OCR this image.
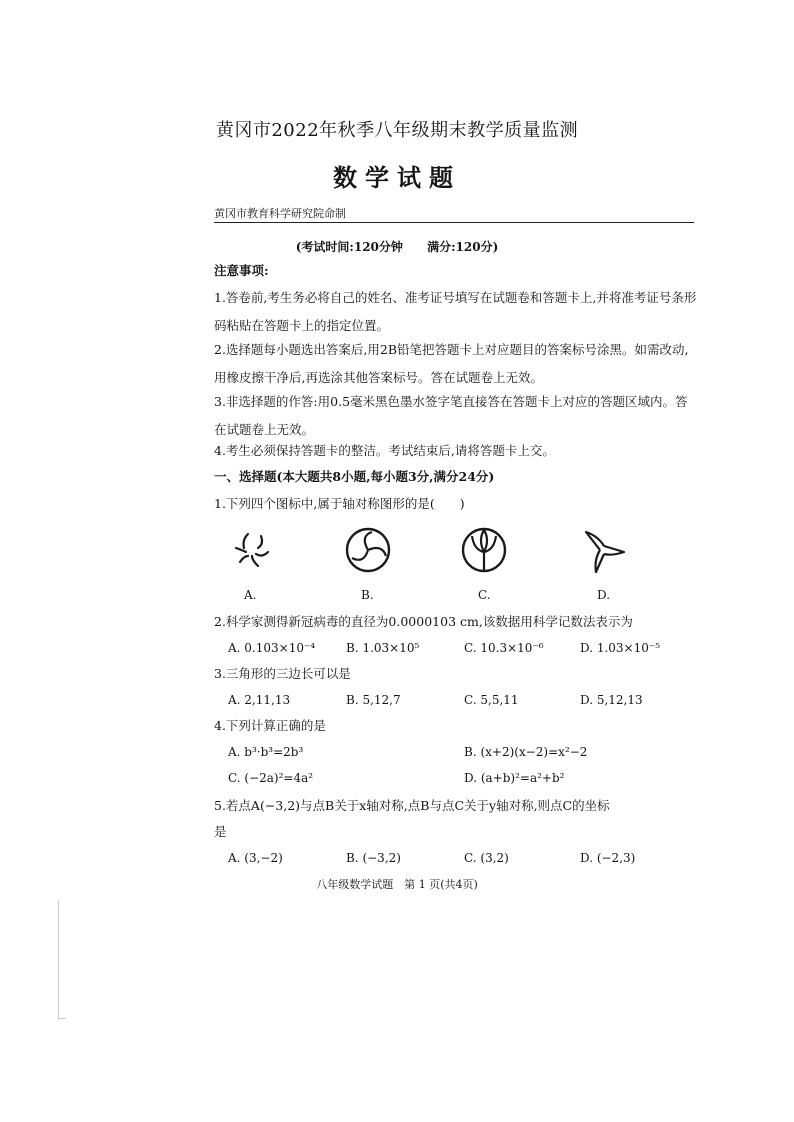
黄冈市2022年秋季八年级期末教学质量监测
数学试题
黄冈市教育科学研究院命制
(考试时间:120分钟 满分:120分)
注意事项:
1.答卷前,考生务必将自己的姓名、准考证号填写在试题卷和答题卡上,并将准考证号条形码粘贴在答题卡上的指定位置。
2.选择题每小题选出答案后,用2B铅笔把答题卡上对应题目的答案标号涂黑。如需改动,用橡皮擦干净后,再选涂其他答案标号。答在试题卷上无效。
3.非选择题的作答:用0.5毫米黑色墨水签字笔直接答在答题卡上对应的答题区域内。答在试题卷上无效。
4.考生必须保持答题卡的整洁。考试结束后,请将答题卡上交。
一、选择题(本大题共8小题,每小题3分,满分24分)
1.下列四个图标中,属于轴对称图形的是(　　)
A.	B.	C.	D.
2.科学家测得新冠病毒的直径为0.0000103 cm,该数据用科学记数法表示为
A. 0.103×10⁻⁴	B. 1.03×10⁵	C. 10.3×10⁻⁶	D. 1.03×10⁻⁵
3.三角形的三边长可以是
A. 2,11,13	B. 5,12,7	C. 5,5,11	D. 5,12,13
4.下列计算正确的是
A. b³·b³=2b³	B. (x+2)(x−2)=x²−2
C. (−2a)²=4a²	D. (a+b)²=a²+b²
5.若点A(−3,2)与点B关于x轴对称,点B与点C关于y轴对称,则点C的坐标
是
A. (3,−2)	B. (−3,2)	C. (3,2)	D. (−2,3)
八年级数学试题　第 1 页(共4页)
